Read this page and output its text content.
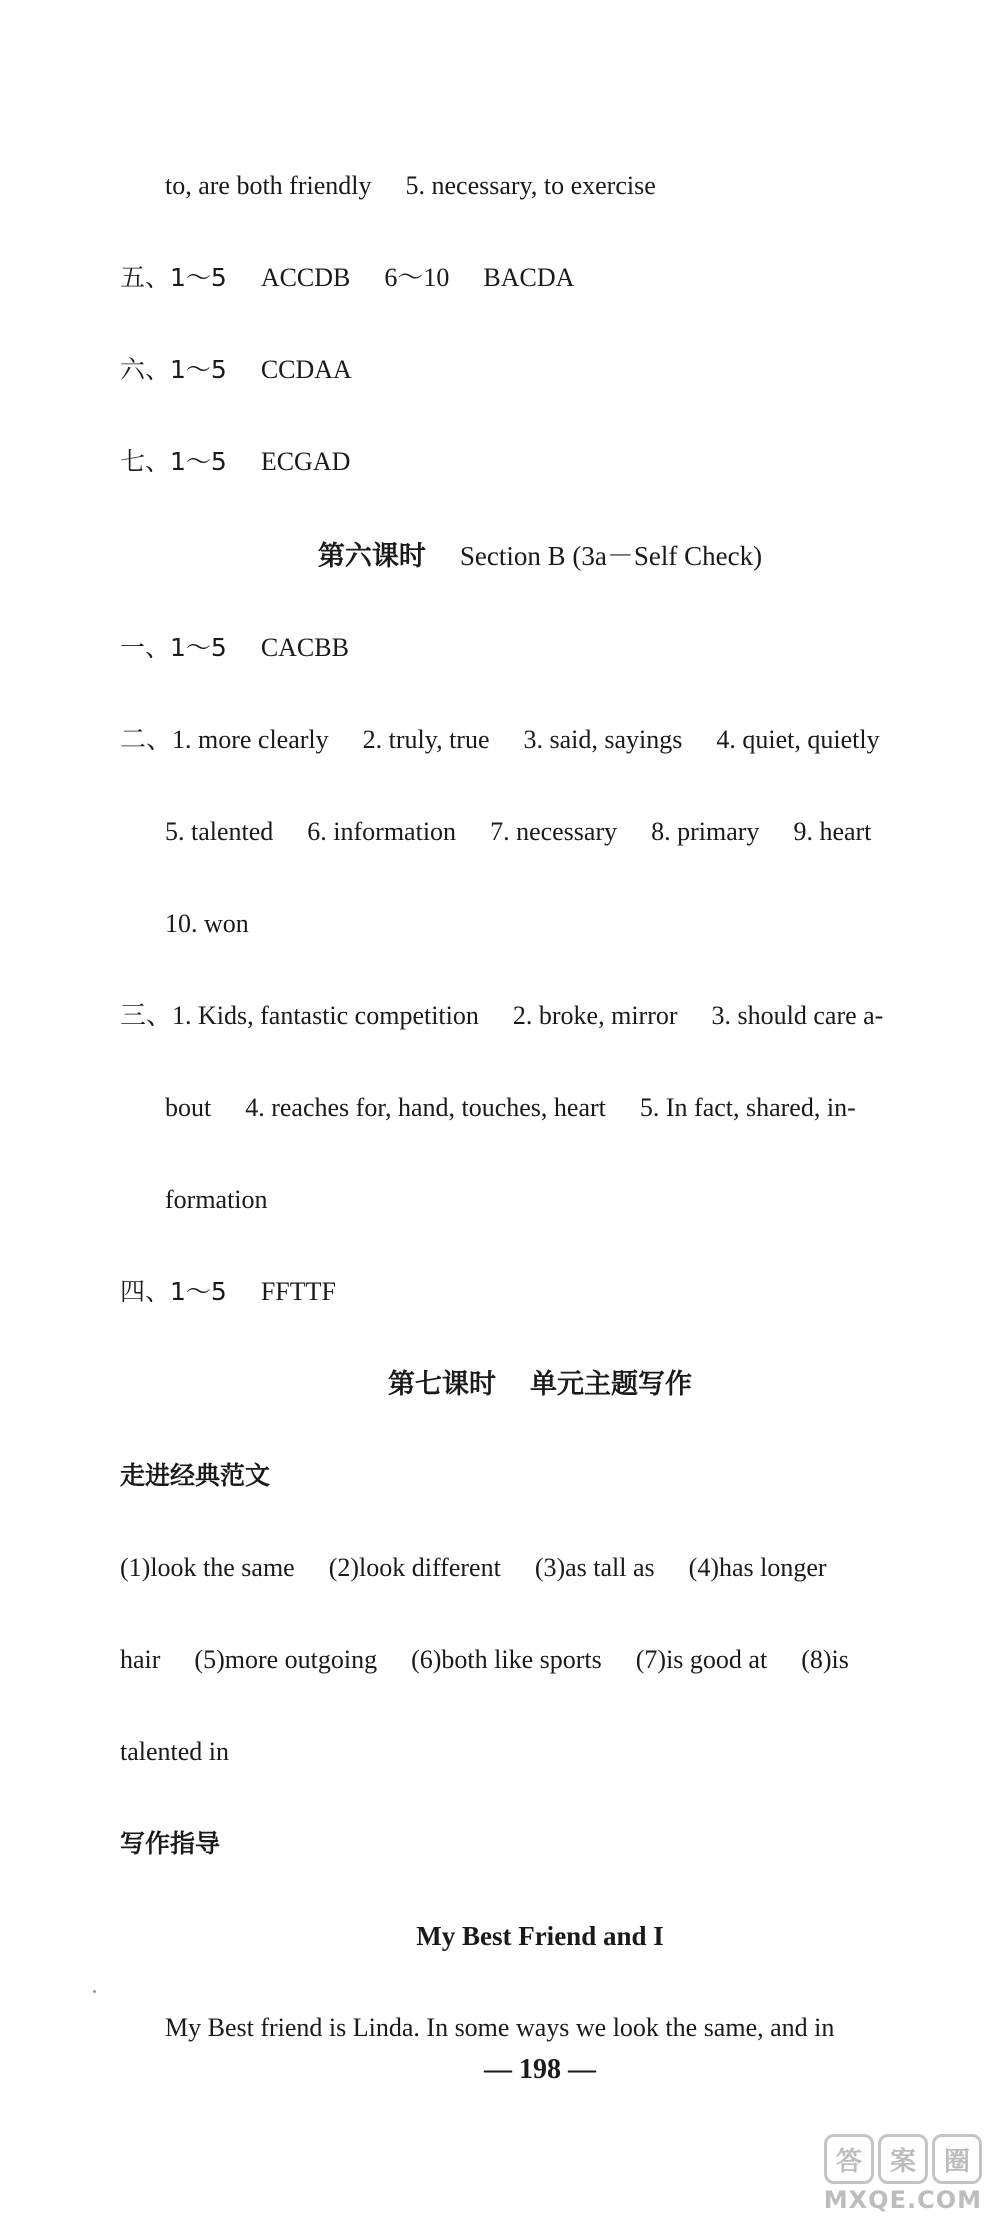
to, are both friendly 5. necessary, to exercise
五、1～5 ACCDB 6～10 BACDA
六、1～5 CCDAA
七、1～5 ECGAD
第六课时 Section B (3a－Self Check)
一、1～5 CACBB
二、1. more clearly 2. truly, true 3. said, sayings 4. quiet, quietly
5. talented 6. information 7. necessary 8. primary 9. heart
10. won
三、1. Kids, fantastic competition 2. broke, mirror 3. should care a-
bout 4. reaches for, hand, touches, heart 5. In fact, shared, in-
formation
四、1～5 FFTTF
第七课时 单元主题写作
走进经典范文
(1)look the same (2)look different (3)as tall as (4)has longer
hair (5)more outgoing (6)both like sports (7)is good at (8)is
talented in
写作指导
My Best Friend and I
My Best friend is Linda. In some ways we look the same, and in
— 198 —
答	案	圈
MXQE.COM
